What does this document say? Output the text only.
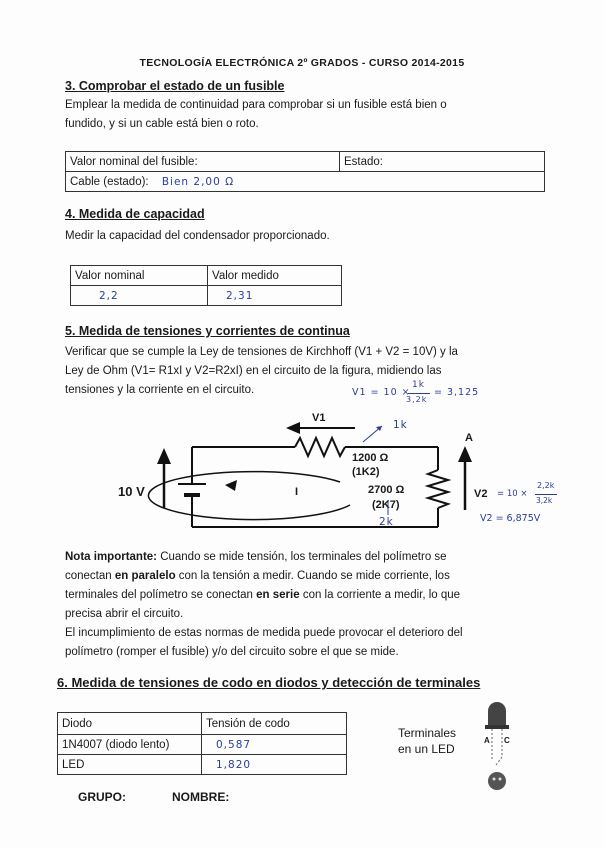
TECNOLOGÍA ELECTRÓNICA 2º GRADOS - CURSO 2014-2015
3. Comprobar el estado de un fusible
Emplear la medida de continuidad para comprobar si un fusible está bien o
fundido, y si un cable está bien o roto.
Valor nominal del fusible:	Estado:
Cable (estado): Bien 2,00 Ω
4. Medida de capacidad
Medir la capacidad del condensador proporcionado.
Valor nominal	Valor medido
2,2	2,31
5. Medida de tensiones y corrientes de continua
Verificar que se cumple la Ley de tensiones de Kirchhoff (V1 + V2 = 10V) y la
Ley de Ohm (V1= R1xI y V2=R2xI) en el circuito de la figura, midiendo las
tensiones y la corriente en el circuito.	V1 = 10 ×
1k
3,2k
= 3,125
V1
A
1k
1200 Ω
(1K2)
2700 Ω
(2K7)
2k
10 V	I	V2 = 10 ×
2,2k
3,2k
V2 = 6,875V
Nota importante: Cuando se mide tensión, los terminales del polímetro se
conectan en paralelo con la tensión a medir. Cuando se mide corriente, los
terminales del polímetro se conectan en serie con la corriente a medir, lo que
precisa abrir el circuito.
El incumplimiento de estas normas de medida puede provocar el deterioro del
polímetro (romper el fusible) y/o del circuito sobre el que se mide.
6. Medida de tensiones de codo en diodos y detección de terminales
Diodo	Tensión de codo
1N4007 (diodo lento)	0,587
LED	1,820
Terminales
en un LED
A C
GRUPO:	NOMBRE:
